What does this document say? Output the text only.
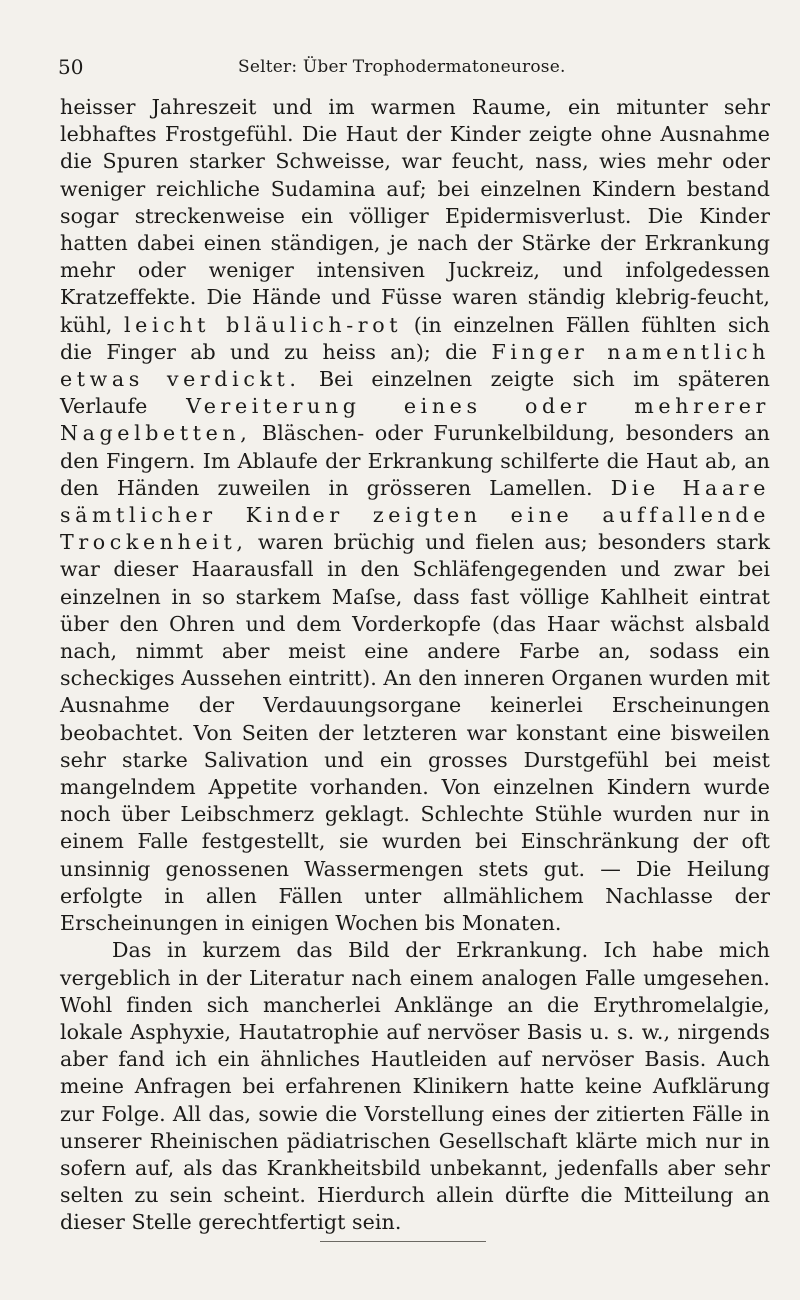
50	Selter: Über Trophodermatoneurose.

heisser Jahreszeit und im warmen Raume, ein mitunter sehr lebhaftes Frostgefühl. Die Haut der Kinder zeigte ohne Ausnahme die Spuren starker Schweisse, war feucht, nass, wies mehr oder weniger reichliche Sudamina auf; bei einzelnen Kindern bestand sogar streckenweise ein völliger Epidermisverlust. Die Kinder hatten dabei einen ständigen, je nach der Stärke der Erkrankung mehr oder weniger intensiven Juckreiz, und infolgedessen Kratzeffekte. Die Hände und Füsse waren ständig klebrig-feucht, kühl, leicht bläulich-rot (in einzelnen Fällen fühlten sich die Finger ab und zu heiss an); die Finger namentlich etwas verdickt. Bei einzelnen zeigte sich im späteren Verlaufe Vereiterung eines oder mehrerer Nagelbetten, Bläschen- oder Furunkelbildung, besonders an den Fingern. Im Ablaufe der Erkrankung schilferte die Haut ab, an den Händen zuweilen in grösseren Lamellen. Die Haare sämtlicher Kinder zeigten eine auffallende Trockenheit, waren brüchig und fielen aus; besonders stark war dieser Haarausfall in den Schläfengegenden und zwar bei einzelnen in so starkem Maſse, dass fast völlige Kahlheit eintrat über den Ohren und dem Vorderkopfe (das Haar wächst alsbald nach, nimmt aber meist eine andere Farbe an, sodass ein scheckiges Aussehen eintritt). An den inneren Organen wurden mit Ausnahme der Verdauungsorgane keinerlei Erscheinungen beobachtet. Von Seiten der letzteren war konstant eine bisweilen sehr starke Salivation und ein grosses Durstgefühl bei meist mangelndem Appetite vorhanden. Von einzelnen Kindern wurde noch über Leibschmerz geklagt. Schlechte Stühle wurden nur in einem Falle festgestellt, sie wurden bei Einschränkung der oft unsinnig genossenen Wassermengen stets gut. — Die Heilung erfolgte in allen Fällen unter allmählichem Nachlasse der Erscheinungen in einigen Wochen bis Monaten.

Das in kurzem das Bild der Erkrankung. Ich habe mich vergeblich in der Literatur nach einem analogen Falle umgesehen. Wohl finden sich mancherlei Anklänge an die Erythromelalgie, lokale Asphyxie, Hautatrophie auf nervöser Basis u. s. w., nirgends aber fand ich ein ähnliches Hautleiden auf nervöser Basis. Auch meine Anfragen bei erfahrenen Klinikern hatte keine Aufklärung zur Folge. All das, sowie die Vorstellung eines der zitierten Fälle in unserer Rheinischen pädiatrischen Gesellschaft klärte mich nur in sofern auf, als das Krankheitsbild unbekannt, jedenfalls aber sehr selten zu sein scheint. Hierdurch allein dürfte die Mitteilung an dieser Stelle gerechtfertigt sein.
